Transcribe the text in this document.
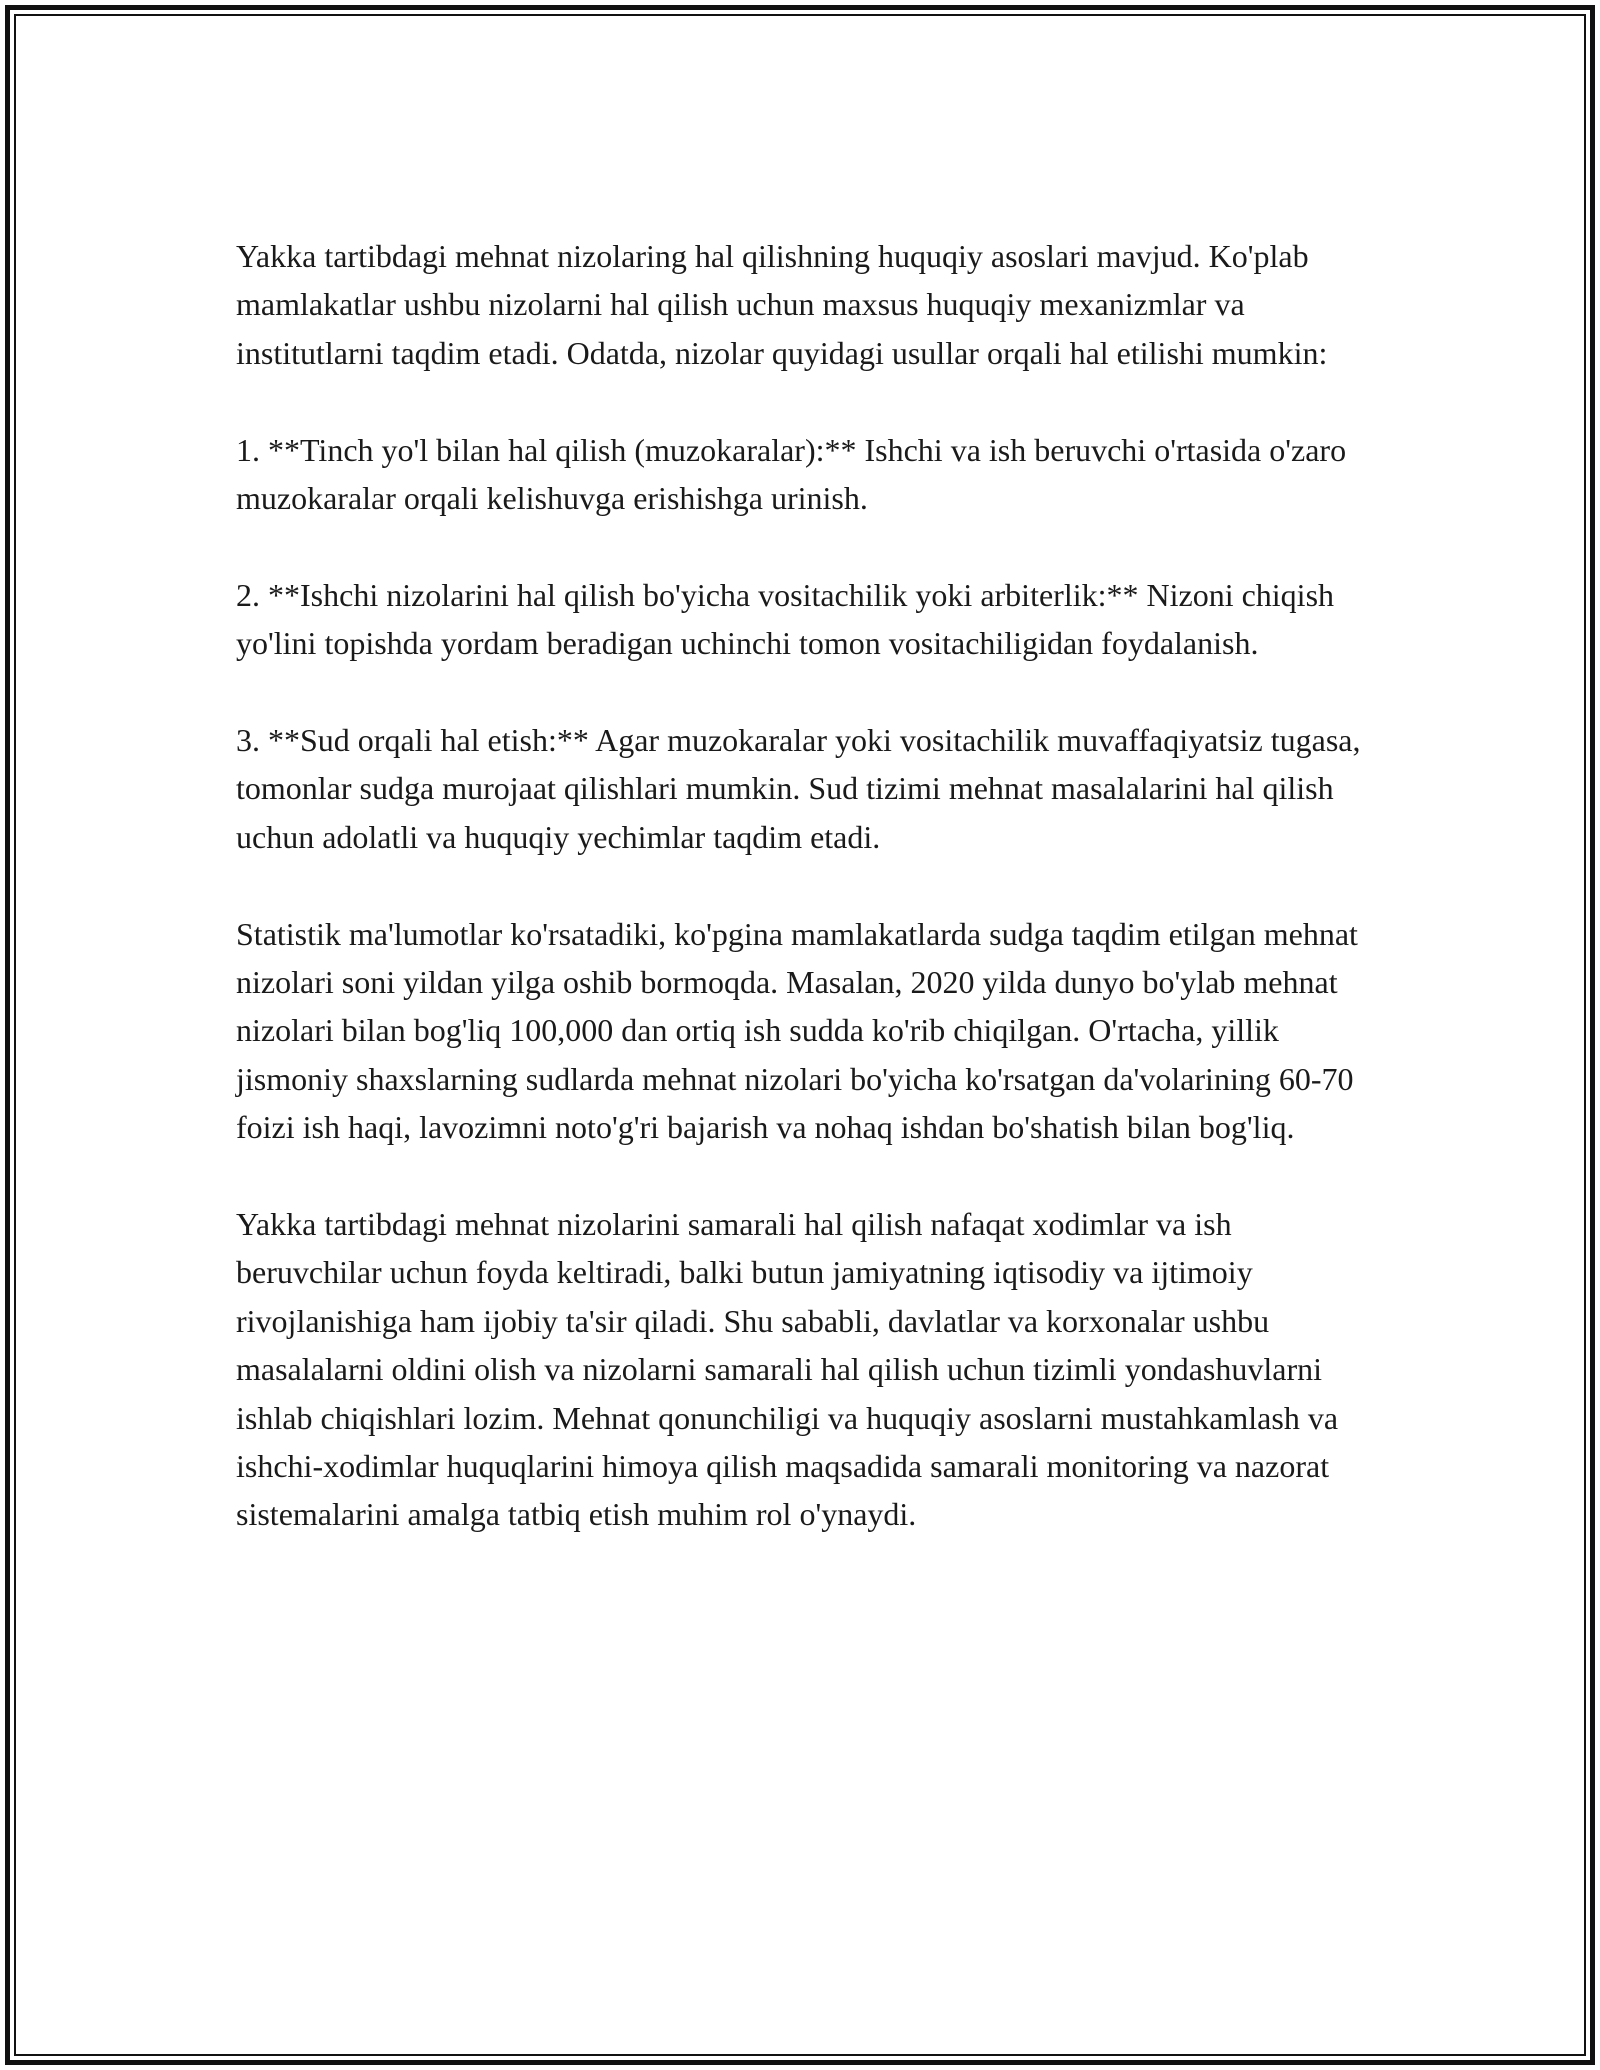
Yakka tartibdagi mehnat nizolaring hal qilishning huquqiy asoslari mavjud. Ko'plab mamlakatlar ushbu nizolarni hal qilish uchun maxsus huquqiy mexanizmlar va institutlarni taqdim etadi. Odatda, nizolar quyidagi usullar orqali hal etilishi mumkin:

1. **Tinch yo'l bilan hal qilish (muzokaralar):** Ishchi va ish beruvchi o'rtasida o'zaro muzokaralar orqali kelishuvga erishishga urinish.

2. **Ishchi nizolarini hal qilish bo'yicha vositachilik yoki arbiterlik:** Nizoni chiqish yo'lini topishda yordam beradigan uchinchi tomon vositachiligidan foydalanish.

3. **Sud orqali hal etish:** Agar muzokaralar yoki vositachilik muvaffaqiyatsiz tugasa, tomonlar sudga murojaat qilishlari mumkin. Sud tizimi mehnat masalalarini hal qilish uchun adolatli va huquqiy yechimlar taqdim etadi.

Statistik ma'lumotlar ko'rsatadiki, ko'pgina mamlakatlarda sudga taqdim etilgan mehnat nizolari soni yildan yilga oshib bormoqda. Masalan, 2020 yilda dunyo bo'ylab mehnat nizolari bilan bog'liq 100,000 dan ortiq ish sudda ko'rib chiqilgan. O'rtacha, yillik jismoniy shaxslarning sudlarda mehnat nizolari bo'yicha ko'rsatgan da'volarining 60-70 foizi ish haqi, lavozimni noto'g'ri bajarish va nohaq ishdan bo'shatish bilan bog'liq.

Yakka tartibdagi mehnat nizolarini samarali hal qilish nafaqat xodimlar va ish beruvchilar uchun foyda keltiradi, balki butun jamiyatning iqtisodiy va ijtimoiy rivojlanishiga ham ijobiy ta'sir qiladi. Shu sababli, davlatlar va korxonalar ushbu masalalarni oldini olish va nizolarni samarali hal qilish uchun tizimli yondashuvlarni ishlab chiqishlari lozim. Mehnat qonunchiligi va huquqiy asoslarni mustahkamlash va ishchi-xodimlar huquqlarini himoya qilish maqsadida samarali monitoring va nazorat sistemalarini amalga tatbiq etish muhim rol o'ynaydi.
